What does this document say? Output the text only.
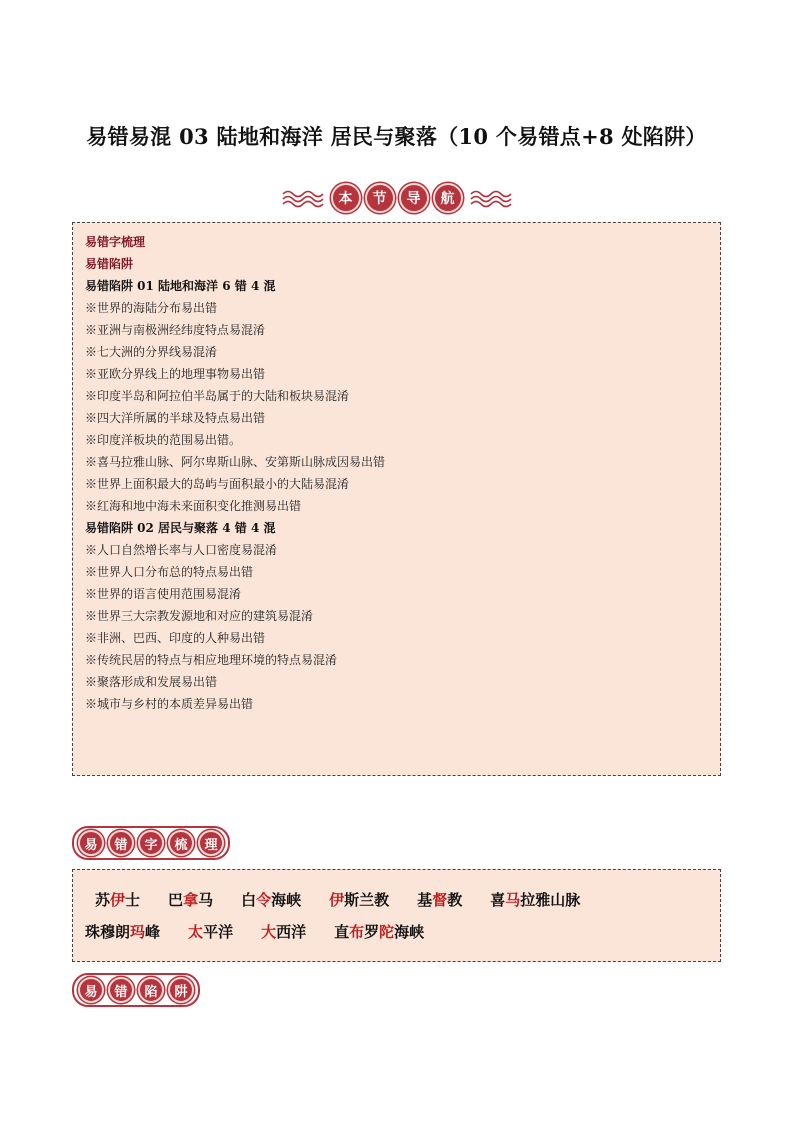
易错易混 03 陆地和海洋 居民与聚落（10 个易错点+8 处陷阱）
本	节	导	航
易错字梳理
易错陷阱
易错陷阱 01 陆地和海洋 6 错 4 混
※世界的海陆分布易出错
※亚洲与南极洲经纬度特点易混淆
※七大洲的分界线易混淆
※亚欧分界线上的地理事物易出错
※印度半岛和阿拉伯半岛属于的大陆和板块易混淆
※四大洋所属的半球及特点易出错
※印度洋板块的范围易出错。
※喜马拉雅山脉、阿尔卑斯山脉、安第斯山脉成因易出错
※世界上面积最大的岛屿与面积最小的大陆易混淆
※红海和地中海未来面积变化推测易出错
易错陷阱 02 居民与聚落 4 错 4 混
※人口自然增长率与人口密度易混淆
※世界人口分布总的特点易出错
※世界的语言使用范围易混淆
※世界三大宗教发源地和对应的建筑易混淆
※非洲、巴西、印度的人种易出错
※传统民居的特点与相应地理环境的特点易混淆
※聚落形成和发展易出错
※城市与乡村的本质差异易出错
易	错	字	梳	理
苏伊士 巴拿马 白令海峡 伊斯兰教 基督教 喜马拉雅山脉
珠穆朗玛峰 太平洋 大西洋 直布罗陀海峡
易	错	陷	阱
